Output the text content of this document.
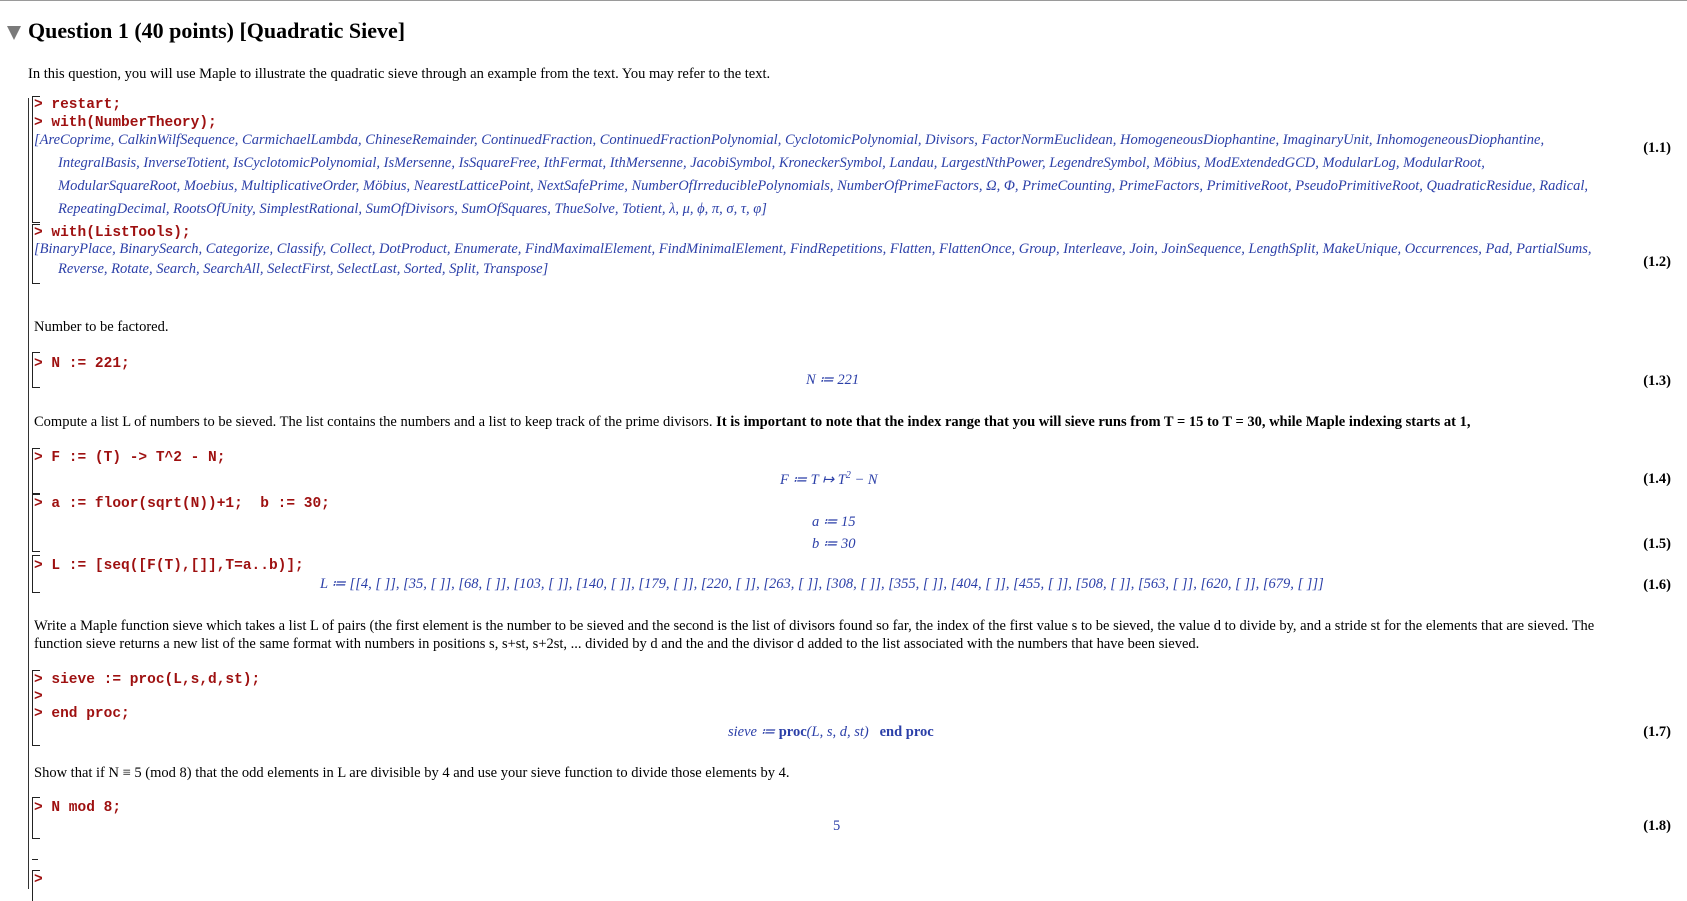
Question 1 (40 points) [Quadratic Sieve]
In this question, you will use Maple to illustrate the quadratic sieve through an example from the text. You may refer to the text.
> restart;
> with(NumberTheory);
[AreCoprime, CalkinWilfSequence, CarmichaelLambda, ChineseRemainder, ContinuedFraction, ContinuedFractionPolynomial, CyclotomicPolynomial, Divisors, FactorNormEuclidean, HomogeneousDiophantine, ImaginaryUnit, InhomogeneousDiophantine,
IntegralBasis, InverseTotient, IsCyclotomicPolynomial, IsMersenne, IsSquareFree, IthFermat, IthMersenne, JacobiSymbol, KroneckerSymbol, Landau, LargestNthPower, LegendreSymbol, Möbius, ModExtendedGCD, ModularLog, ModularRoot,
ModularSquareRoot, Moebius, MultiplicativeOrder, Möbius, NearestLatticePoint, NextSafePrime, NumberOfIrreduciblePolynomials, NumberOfPrimeFactors, Ω, Φ, PrimeCounting, PrimeFactors, PrimitiveRoot, PseudoPrimitiveRoot, QuadraticResidue, Radical,
RepeatingDecimal, RootsOfUnity, SimplestRational, SumOfDivisors, SumOfSquares, ThueSolve, Totient, λ, μ, ϕ, π, σ, τ, φ]
(1.1)
> with(ListTools);
[BinaryPlace, BinarySearch, Categorize, Classify, Collect, DotProduct, Enumerate, FindMaximalElement, FindMinimalElement, FindRepetitions, Flatten, FlattenOnce, Group, Interleave, Join, JoinSequence, LengthSplit, MakeUnique, Occurrences, Pad, PartialSums,
Reverse, Rotate, Search, SearchAll, SelectFirst, SelectLast, Sorted, Split, Transpose]	(1.2)
Number to be factored.
> N := 221;
N ≔ 221	(1.3)
Compute a list L of numbers to be sieved. The list contains the numbers and a list to keep track of the prime divisors. It is important to note that the index range that you will sieve runs from T = 15 to T = 30, while Maple indexing starts at 1,
> F := (T) -> T^2 - N;
F ≔ T ↦ $T^2 - N$	(1.4)
> a := floor(sqrt(N))+1;  b := 30;
a ≔ 15
b ≔ 30	(1.5)
> L := [seq([F(T),[]],T=a..b)];
L ≔ [[4, [ ]], [35, [ ]], [68, [ ]], [103, [ ]], [140, [ ]], [179, [ ]], [220, [ ]], [263, [ ]], [308, [ ]], [355, [ ]], [404, [ ]], [455, [ ]], [508, [ ]], [563, [ ]], [620, [ ]], [679, [ ]]]	(1.6)
Write a Maple function sieve which takes a list L of pairs (the first element is the number to be sieved and the second is the list of divisors found so far, the index of the first value s to be sieved, the value d to divide by, and a stride st for the elements that are sieved. The
function sieve returns a new list of the same format with numbers in positions s, s+st, s+2st, ... divided by d and the and the divisor d added to the list associated with the numbers that have been sieved.
> sieve := proc(L,s,d,st);
>
> end proc;
sieve ≔ proc(L, s, d, st) end proc	(1.7)
Show that if N ≡ 5 (mod 8) that the odd elements in L are divisible by 4 and use your sieve function to divide those elements by 4.
> N mod 8;
5	(1.8)
>
